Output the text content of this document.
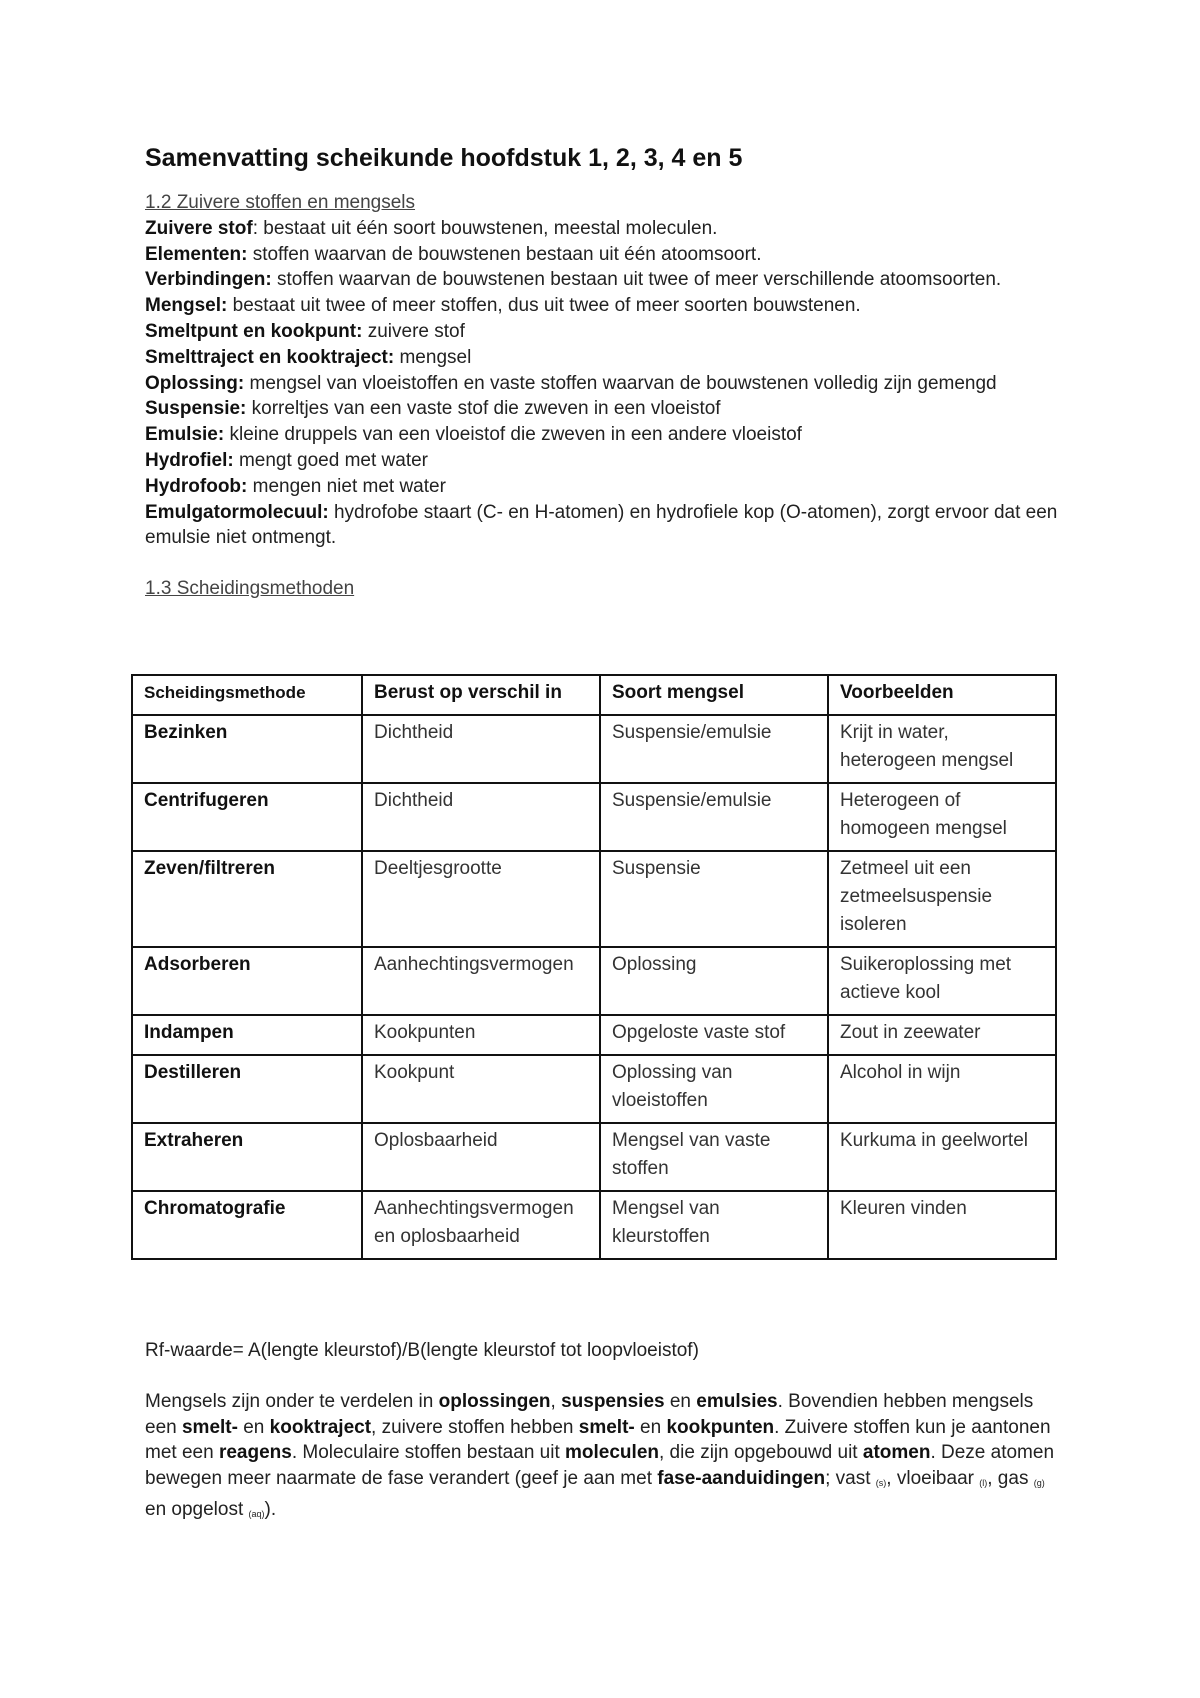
Samenvatting scheikunde hoofdstuk 1, 2, 3, 4 en 5
1.2 Zuivere stoffen en mengsels
Zuivere stof: bestaat uit één soort bouwstenen, meestal moleculen.
Elementen: stoffen waarvan de bouwstenen bestaan uit één atoomsoort.
Verbindingen: stoffen waarvan de bouwstenen bestaan uit twee of meer verschillende atoomsoorten.
Mengsel: bestaat uit twee of meer stoffen, dus uit twee of meer soorten bouwstenen.
Smeltpunt en kookpunt: zuivere stof
Smelttraject en kooktraject: mengsel
Oplossing: mengsel van vloeistoffen en vaste stoffen waarvan de bouwstenen volledig zijn gemengd
Suspensie: korreltjes van een vaste stof die zweven in een vloeistof
Emulsie: kleine druppels van een vloeistof die zweven in een andere vloeistof
Hydrofiel: mengt goed met water
Hydrofoob: mengen niet met water
Emulgatormolecuul: hydrofobe staart (C- en H-atomen) en hydrofiele kop (O-atomen), zorgt ervoor dat een emulsie niet ontmengt.
1.3 Scheidingsmethoden
Scheidingsmethode	Berust op verschil in	Soort mengsel	Voorbeelden
Bezinken	Dichtheid	Suspensie/emulsie	Krijt in water, heterogeen mengsel
Centrifugeren	Dichtheid	Suspensie/emulsie	Heterogeen of homogeen mengsel
Zeven/filtreren	Deeltjesgrootte	Suspensie	Zetmeel uit een zetmeelsuspensie isoleren
Adsorberen	Aanhechtingsvermogen	Oplossing	Suikeroplossing met actieve kool
Indampen	Kookpunten	Opgeloste vaste stof	Zout in zeewater
Destilleren	Kookpunt	Oplossing van vloeistoffen	Alcohol in wijn
Extraheren	Oplosbaarheid	Mengsel van vaste stoffen	Kurkuma in geelwortel
Chromatografie	Aanhechtingsvermogen en oplosbaarheid	Mengsel van kleurstoffen	Kleuren vinden
Rf-waarde= A(lengte kleurstof)/B(lengte kleurstof tot loopvloeistof)
Mengsels zijn onder te verdelen in oplossingen, suspensies en emulsies. Bovendien hebben mengsels een smelt- en kooktraject, zuivere stoffen hebben smelt- en kookpunten. Zuivere stoffen kun je aantonen met een reagens. Moleculaire stoffen bestaan uit moleculen, die zijn opgebouwd uit atomen. Deze atomen bewegen meer naarmate de fase verandert (geef je aan met fase-aanduidingen; vast $_{(s)}$, vloeibaar $_{(l)}$, gas $_{(g)}$ en opgelost $_{(aq)}$).
